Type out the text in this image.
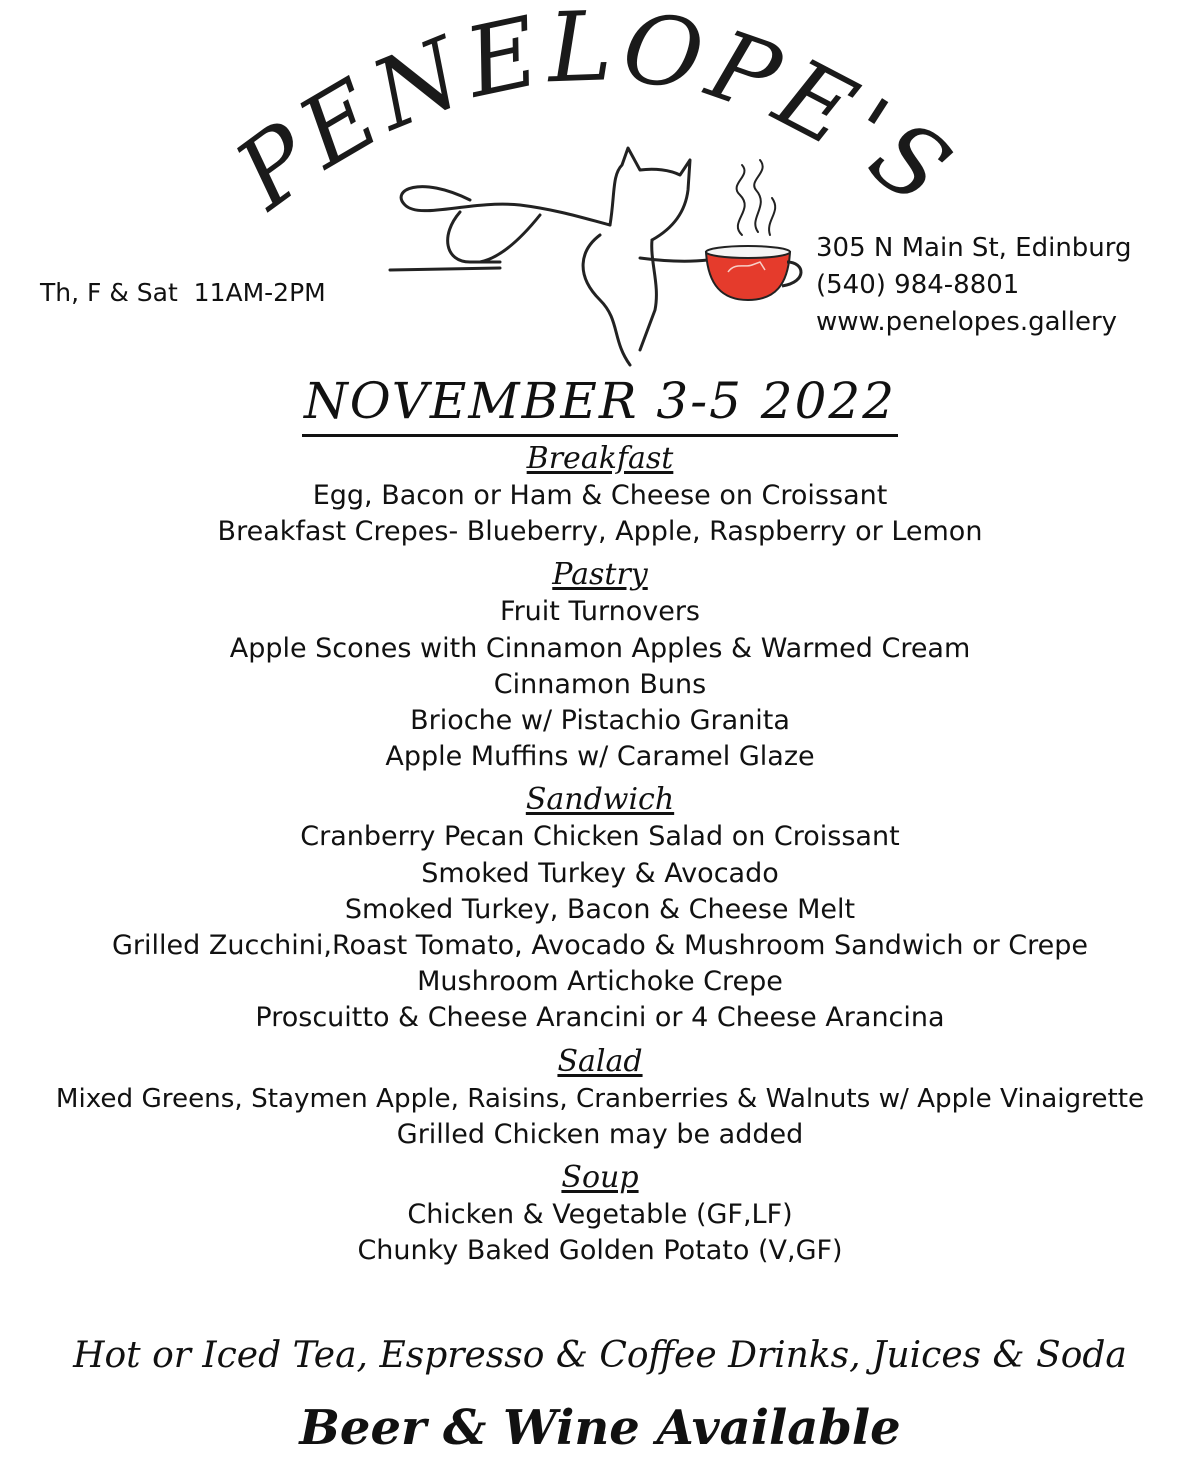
PENELOPE'S
Th, F & Sat  11AM-2PM
305 N Main St, Edinburg
(540) 984-8801
www.penelopes.gallery
NOVEMBER 3-5 2022
Breakfast
Egg, Bacon or Ham & Cheese on Croissant
Breakfast Crepes- Blueberry, Apple, Raspberry or Lemon
Pastry
Fruit Turnovers
Apple Scones with Cinnamon Apples & Warmed Cream
Cinnamon Buns
Brioche w/ Pistachio Granita
Apple Muffins w/ Caramel Glaze
Sandwich
Cranberry Pecan Chicken Salad on Croissant
Smoked Turkey & Avocado
Smoked Turkey, Bacon & Cheese Melt
Grilled Zucchini,Roast Tomato, Avocado & Mushroom Sandwich or Crepe
Mushroom Artichoke Crepe
Proscuitto & Cheese Arancini or 4 Cheese Arancina
Salad
Mixed Greens, Staymen Apple, Raisins, Cranberries & Walnuts w/ Apple Vinaigrette
Grilled Chicken may be added
Soup
Chicken & Vegetable (GF,LF)
Chunky Baked Golden Potato (V,GF)
Hot or Iced Tea, Espresso & Coffee Drinks, Juices & Soda
Beer & Wine Available
